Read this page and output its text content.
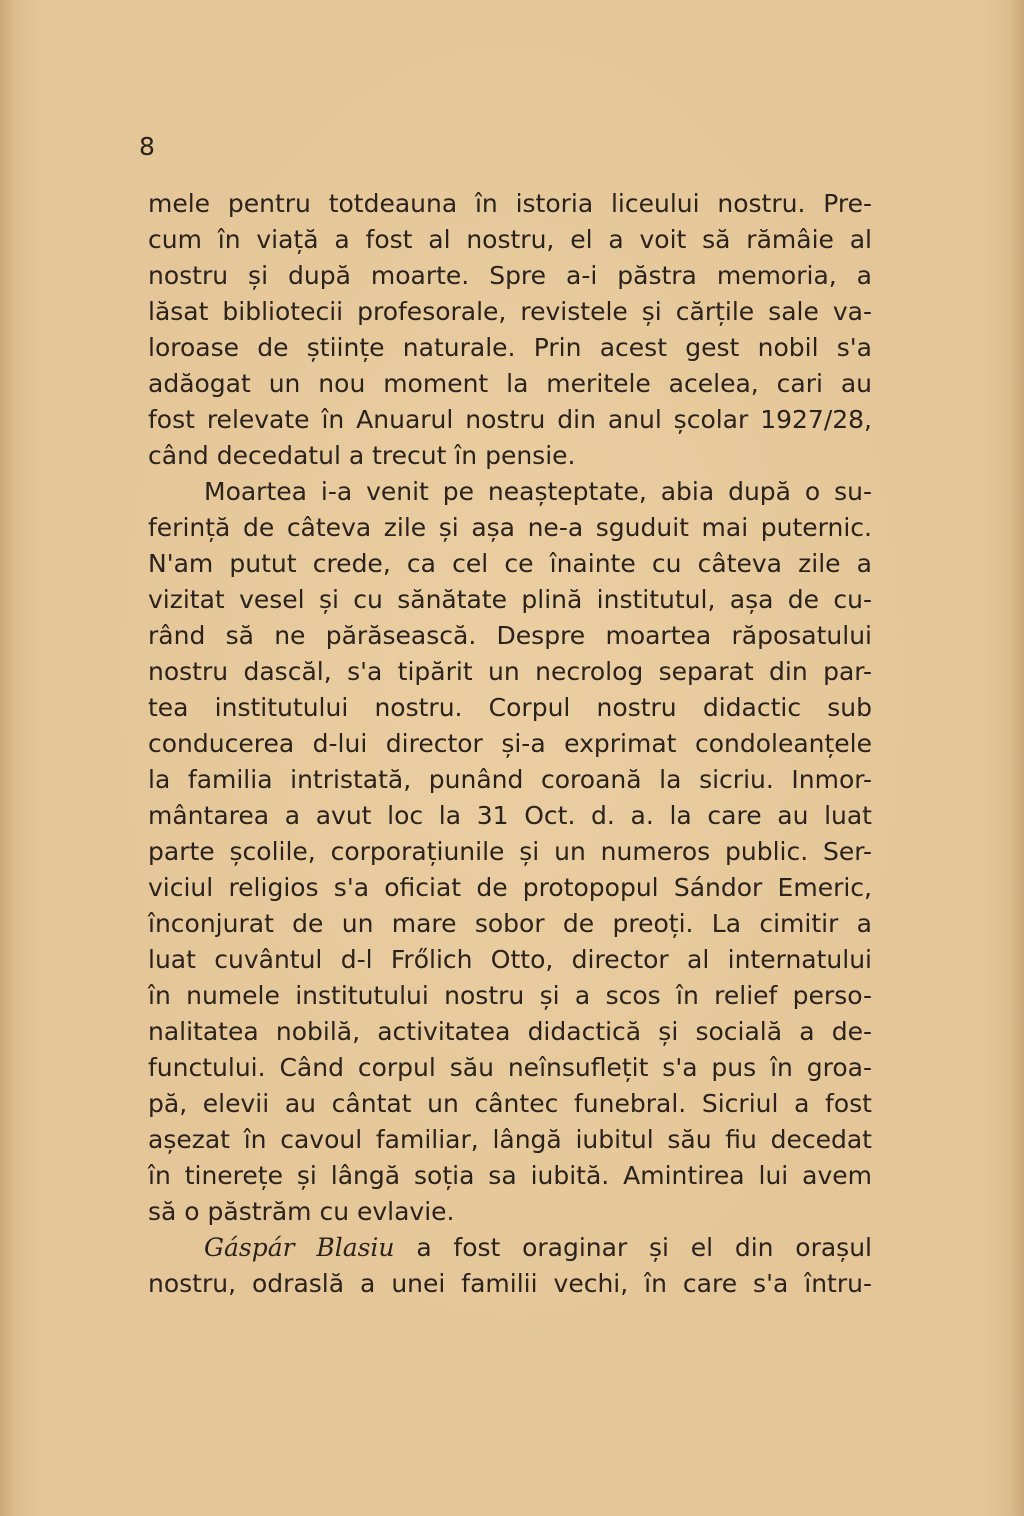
8
mele pentru totdeauna în istoria liceului nostru. Pre-
cum în viață a fost al nostru, el a voit să rămâie al
nostru și după moarte. Spre a-i păstra memoria, a
lăsat bibliotecii profesorale, revistele și cărțile sale va-
loroase de științe naturale. Prin acest gest nobil s'a
adăogat un nou moment la meritele acelea, cari au
fost relevate în Anuarul nostru din anul școlar 1927/28,
când decedatul a trecut în pensie.
Moartea i-a venit pe neașteptate, abia după o su-
ferință de câteva zile și așa ne-a sguduit mai puternic.
N'am putut crede, ca cel ce înainte cu câteva zile a
vizitat vesel și cu sănătate plină institutul, așa de cu-
rând să ne părăsească. Despre moartea răposatului
nostru dascăl, s'a tipărit un necrolog separat din par-
tea institutului nostru. Corpul nostru didactic sub
conducerea d-lui director și-a exprimat condoleanțele
la familia intristată, punând coroană la sicriu. Inmor-
mântarea a avut loc la 31 Oct. d. a. la care au luat
parte școlile, corporațiunile și un numeros public. Ser-
viciul religios s'a oficiat de protopopul Sándor Emeric,
înconjurat de un mare sobor de preoți. La cimitir a
luat cuvântul d-l Frőlich Otto, director al internatului
în numele institutului nostru și a scos în relief perso-
nalitatea nobilă, activitatea didactică și socială a de-
functului. Când corpul său neînsuflețit s'a pus în groa-
pă, elevii au cântat un cântec funebral. Sicriul a fost
așezat în cavoul familiar, lângă iubitul său fiu decedat
în tinerețe și lângă soția sa iubită. Amintirea lui avem
să o păstrăm cu evlavie.
Gáspár Blasiu a fost oraginar și el din orașul
nostru, odraslă a unei familii vechi, în care s'a întru-
